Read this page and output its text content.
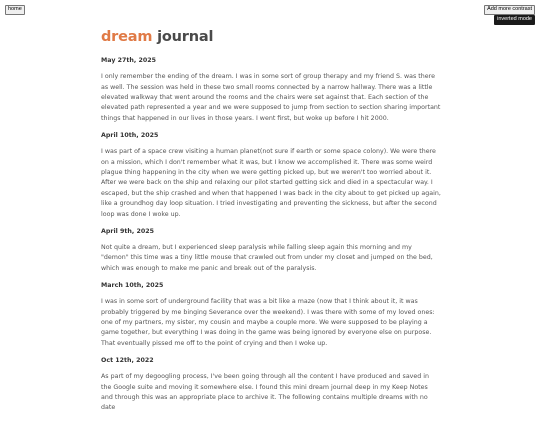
home	Add more contrast
inverted mode
dream journal
May 27th, 2025

I only remember the ending of the dream. I was in some sort of group therapy and my friend S. was there as well. The session was held in these two small rooms connected by a narrow hallway. There was a little elevated walkway that went around the rooms and the chairs were set against that. Each section of the elevated path represented a year and we were supposed to jump from section to section sharing important things that happened in our lives in those years. I went first, but woke up before I hit 2000.

April 10th, 2025

I was part of a space crew visiting a human planet(not sure if earth or some space colony). We were there on a mission, which I don't remember what it was, but I know we accomplished it. There was some weird plague thing happening in the city when we were getting picked up, but we weren't too worried about it. After we were back on the ship and relaxing our pilot started getting sick and died in a spectacular way. I escaped, but the ship crashed and when that happened I was back in the city about to get picked up again, like a groundhog day loop situation. I tried investigating and preventing the sickness, but after the second loop was done I woke up.

April 9th, 2025

Not quite a dream, but I experienced sleep paralysis while falling sleep again this morning and my "demon" this time was a tiny little mouse that crawled out from under my closet and jumped on the bed, which was enough to make me panic and break out of the paralysis.

March 10th, 2025

I was in some sort of underground facility that was a bit like a maze (now that I think about it, it was probably triggered by me binging Severance over the weekend). I was there with some of my loved ones: one of my partners, my sister, my cousin and maybe a couple more. We were supposed to be playing a game together, but everything I was doing in the game was being ignored by everyone else on purpose. That eventually pissed me off to the point of crying and then I woke up.

Oct 12th, 2022

As part of my degoogling process, I've been going through all the content I have produced and saved in the Google suite and moving it somewhere else. I found this mini dream journal deep in my Keep Notes and through this was an appropriate place to archive it. The following contains multiple dreams with no date
